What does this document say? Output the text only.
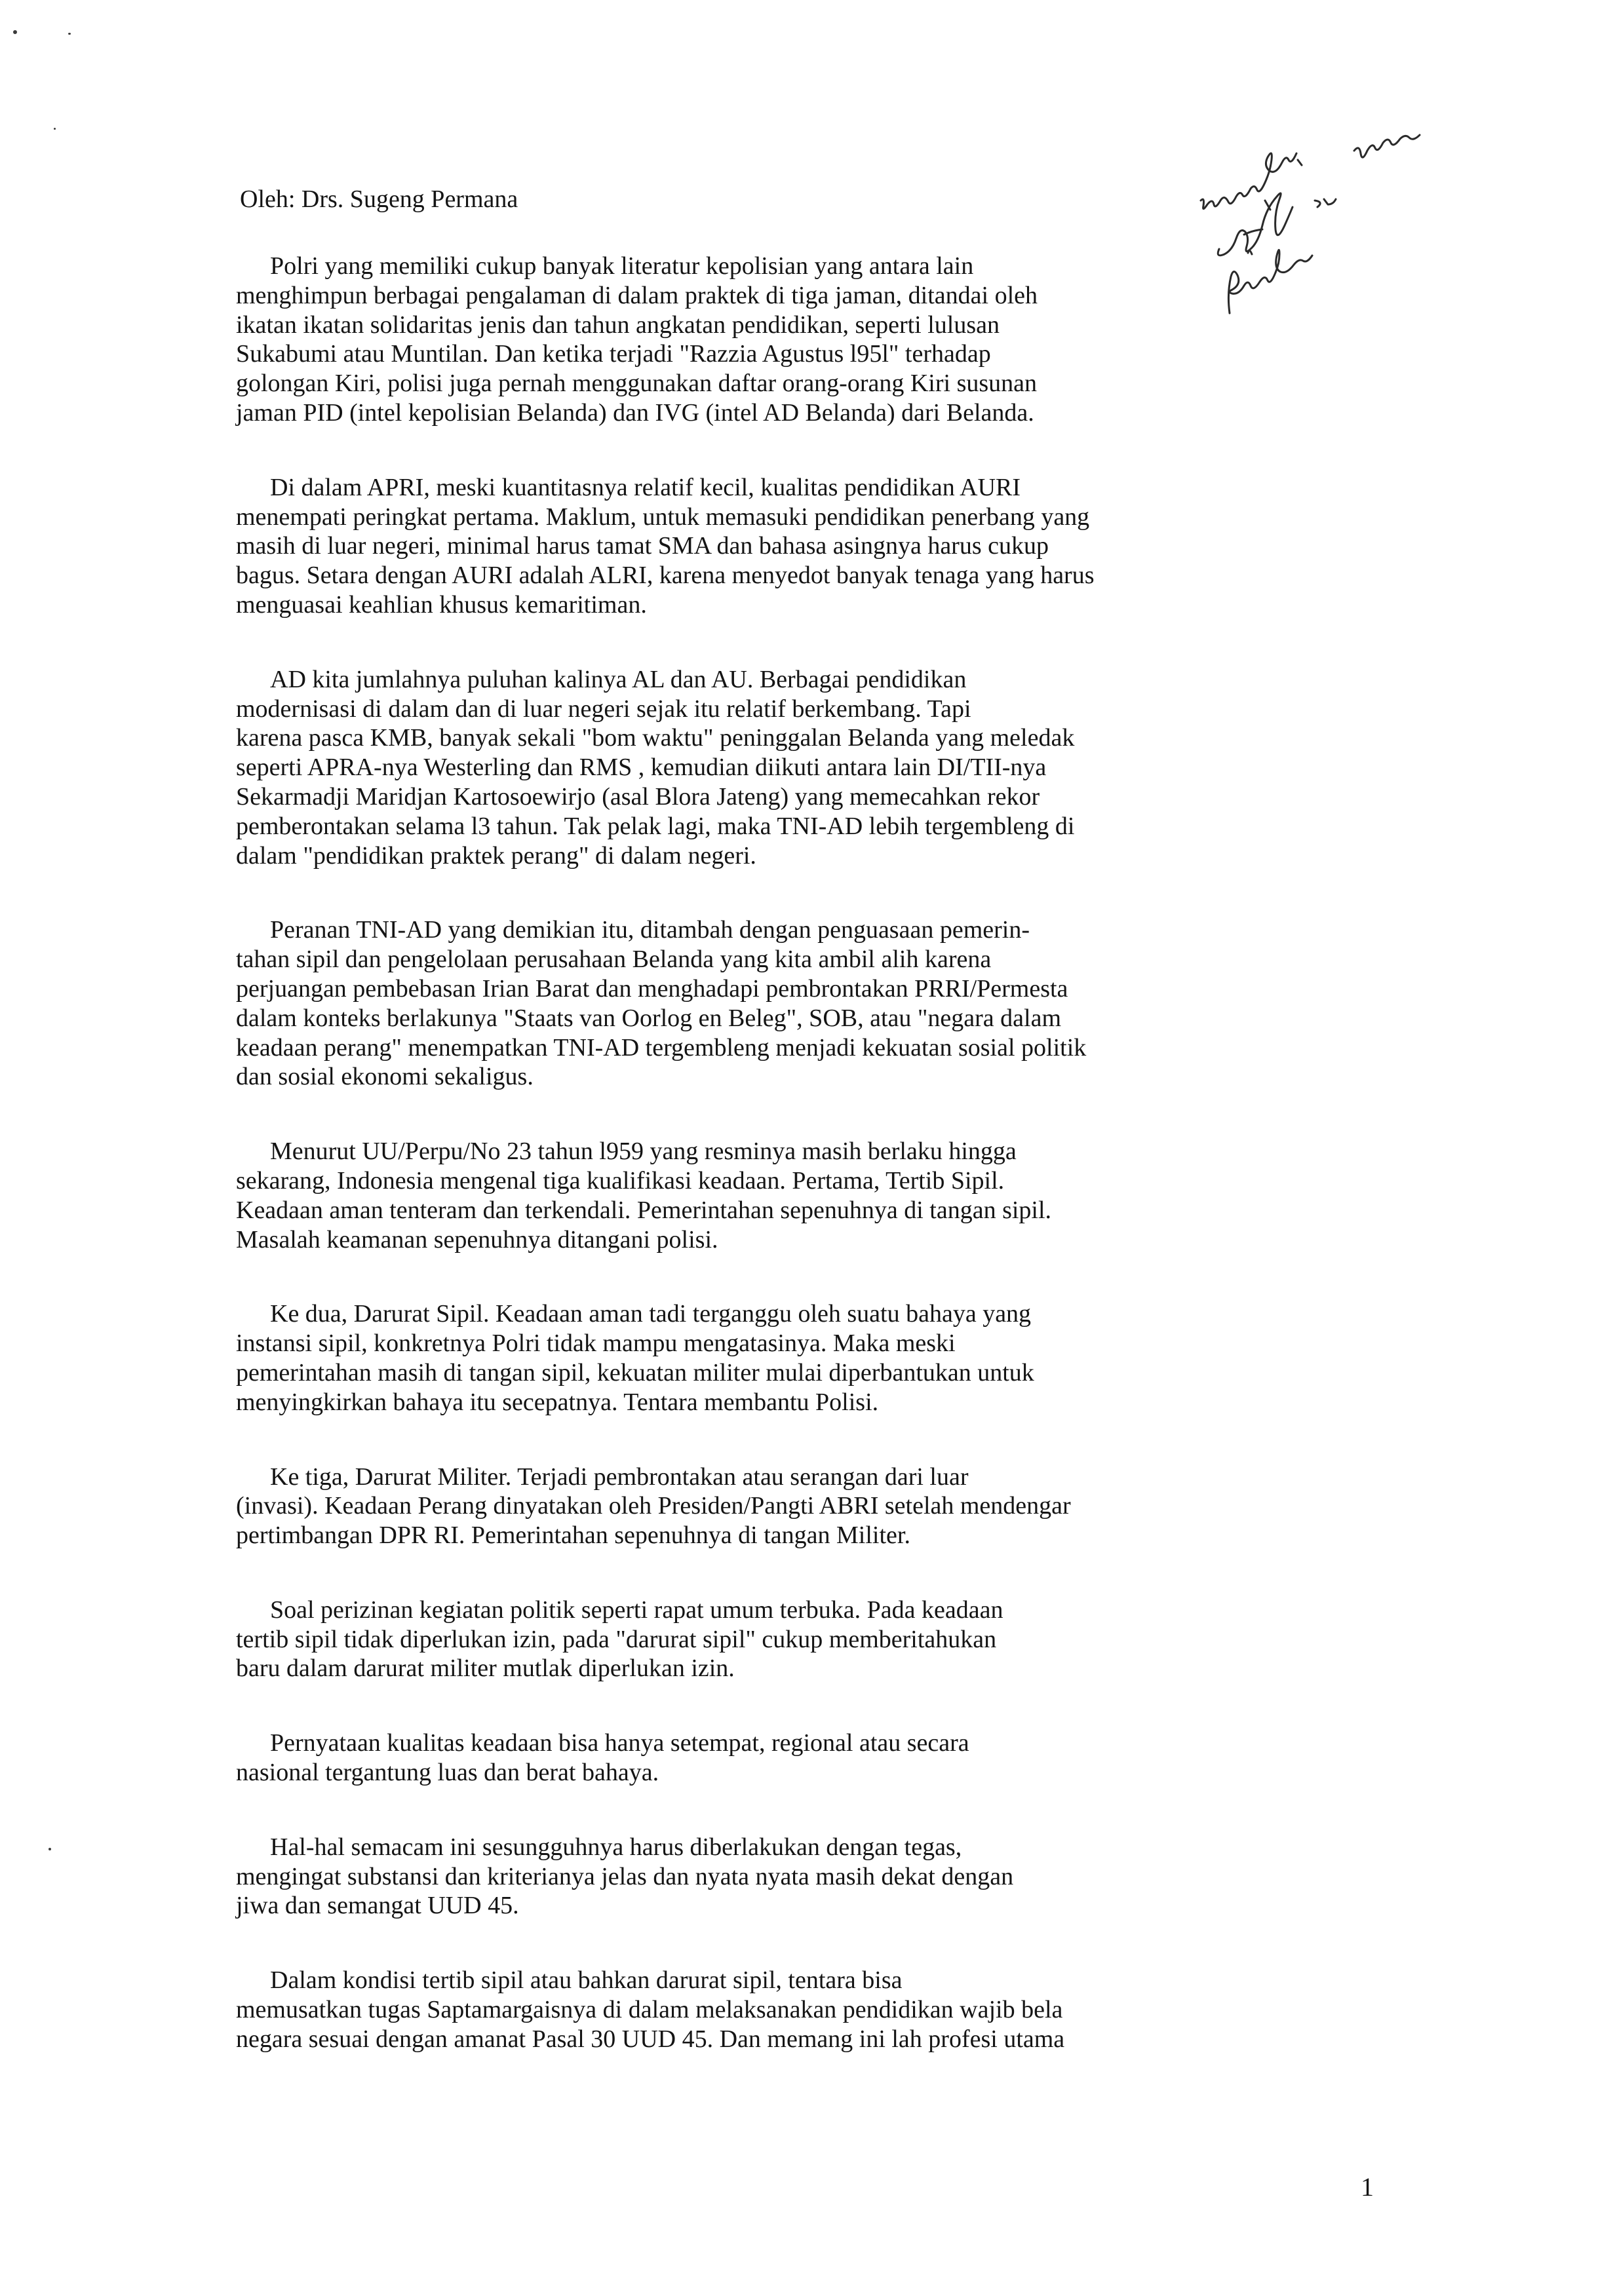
Oleh: Drs. Sugeng Permana

Polri yang memiliki cukup banyak literatur kepolisian yang antara lain
menghimpun berbagai pengalaman di dalam praktek di tiga jaman, ditandai oleh
ikatan ikatan solidaritas jenis dan tahun angkatan pendidikan, seperti lulusan
Sukabumi atau Muntilan. Dan ketika terjadi "Razzia Agustus l95l" terhadap
golongan Kiri, polisi juga pernah menggunakan daftar orang-orang Kiri susunan
jaman PID (intel kepolisian Belanda) dan IVG (intel AD Belanda) dari Belanda.
Di dalam APRI, meski kuantitasnya relatif kecil, kualitas pendidikan AURI
menempati peringkat pertama. Maklum, untuk memasuki pendidikan penerbang yang
masih di luar negeri, minimal harus tamat SMA dan bahasa asingnya harus cukup
bagus. Setara dengan AURI adalah ALRI, karena menyedot banyak tenaga yang harus
menguasai keahlian khusus kemaritiman.
AD kita jumlahnya puluhan kalinya AL dan AU. Berbagai pendidikan
modernisasi di dalam dan di luar negeri sejak itu relatif berkembang. Tapi
karena pasca KMB, banyak sekali "bom waktu" peninggalan Belanda yang meledak
seperti APRA-nya Westerling dan RMS , kemudian diikuti antara lain DI/TII-nya
Sekarmadji Maridjan Kartosoewirjo (asal Blora Jateng) yang memecahkan rekor
pemberontakan selama l3 tahun. Tak pelak lagi, maka TNI-AD lebih tergembleng di
dalam "pendidikan praktek perang" di dalam negeri.
Peranan TNI-AD yang demikian itu, ditambah dengan penguasaan pemerin-
tahan sipil dan pengelolaan perusahaan Belanda yang kita ambil alih karena
perjuangan pembebasan Irian Barat dan menghadapi pembrontakan PRRI/Permesta
dalam konteks berlakunya "Staats van Oorlog en Beleg", SOB, atau "negara dalam
keadaan perang" menempatkan TNI-AD tergembleng menjadi kekuatan sosial politik
dan sosial ekonomi sekaligus.
Menurut UU/Perpu/No 23 tahun l959 yang resminya masih berlaku hingga
sekarang, Indonesia mengenal tiga kualifikasi keadaan. Pertama, Tertib Sipil.
Keadaan aman tenteram dan terkendali. Pemerintahan sepenuhnya di tangan sipil.
Masalah keamanan sepenuhnya ditangani polisi.
Ke dua, Darurat Sipil. Keadaan aman tadi terganggu oleh suatu bahaya yang
instansi sipil, konkretnya Polri tidak mampu mengatasinya. Maka meski
pemerintahan masih di tangan sipil, kekuatan militer mulai diperbantukan untuk
menyingkirkan bahaya itu secepatnya. Tentara membantu Polisi.
Ke tiga, Darurat Militer. Terjadi pembrontakan atau serangan dari luar
(invasi). Keadaan Perang dinyatakan oleh Presiden/Pangti ABRI setelah mendengar
pertimbangan DPR RI. Pemerintahan sepenuhnya di tangan Militer.
Soal perizinan kegiatan politik seperti rapat umum terbuka. Pada keadaan
tertib sipil tidak diperlukan izin, pada "darurat sipil" cukup memberitahukan
baru dalam darurat militer mutlak diperlukan izin.
Pernyataan kualitas keadaan bisa hanya setempat, regional atau secara
nasional tergantung luas dan berat bahaya.
Hal-hal semacam ini sesungguhnya harus diberlakukan dengan tegas,
mengingat substansi dan kriterianya jelas dan nyata nyata masih dekat dengan
jiwa dan semangat UUD 45.
Dalam kondisi tertib sipil atau bahkan darurat sipil, tentara bisa
memusatkan tugas Saptamargaisnya di dalam melaksanakan pendidikan wajib bela
negara sesuai dengan amanat Pasal 30 UUD 45. Dan memang ini lah profesi utama

1
